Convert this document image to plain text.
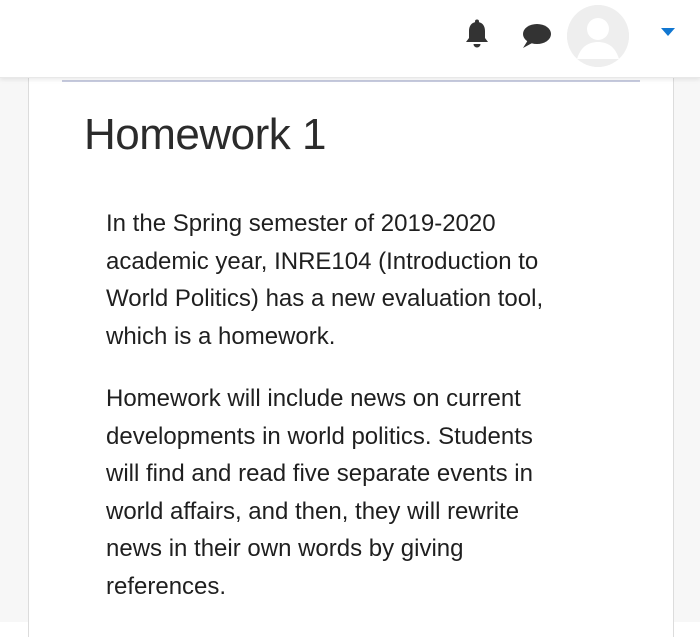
Homework 1

In the Spring semester of 2019-2020
academic year, INRE104 (Introduction to
World Politics) has a new evaluation tool,
which is a homework.

Homework will include news on current
developments in world politics. Students
will find and read five separate events in
world affairs, and then, they will rewrite
news in their own words by giving
references.
